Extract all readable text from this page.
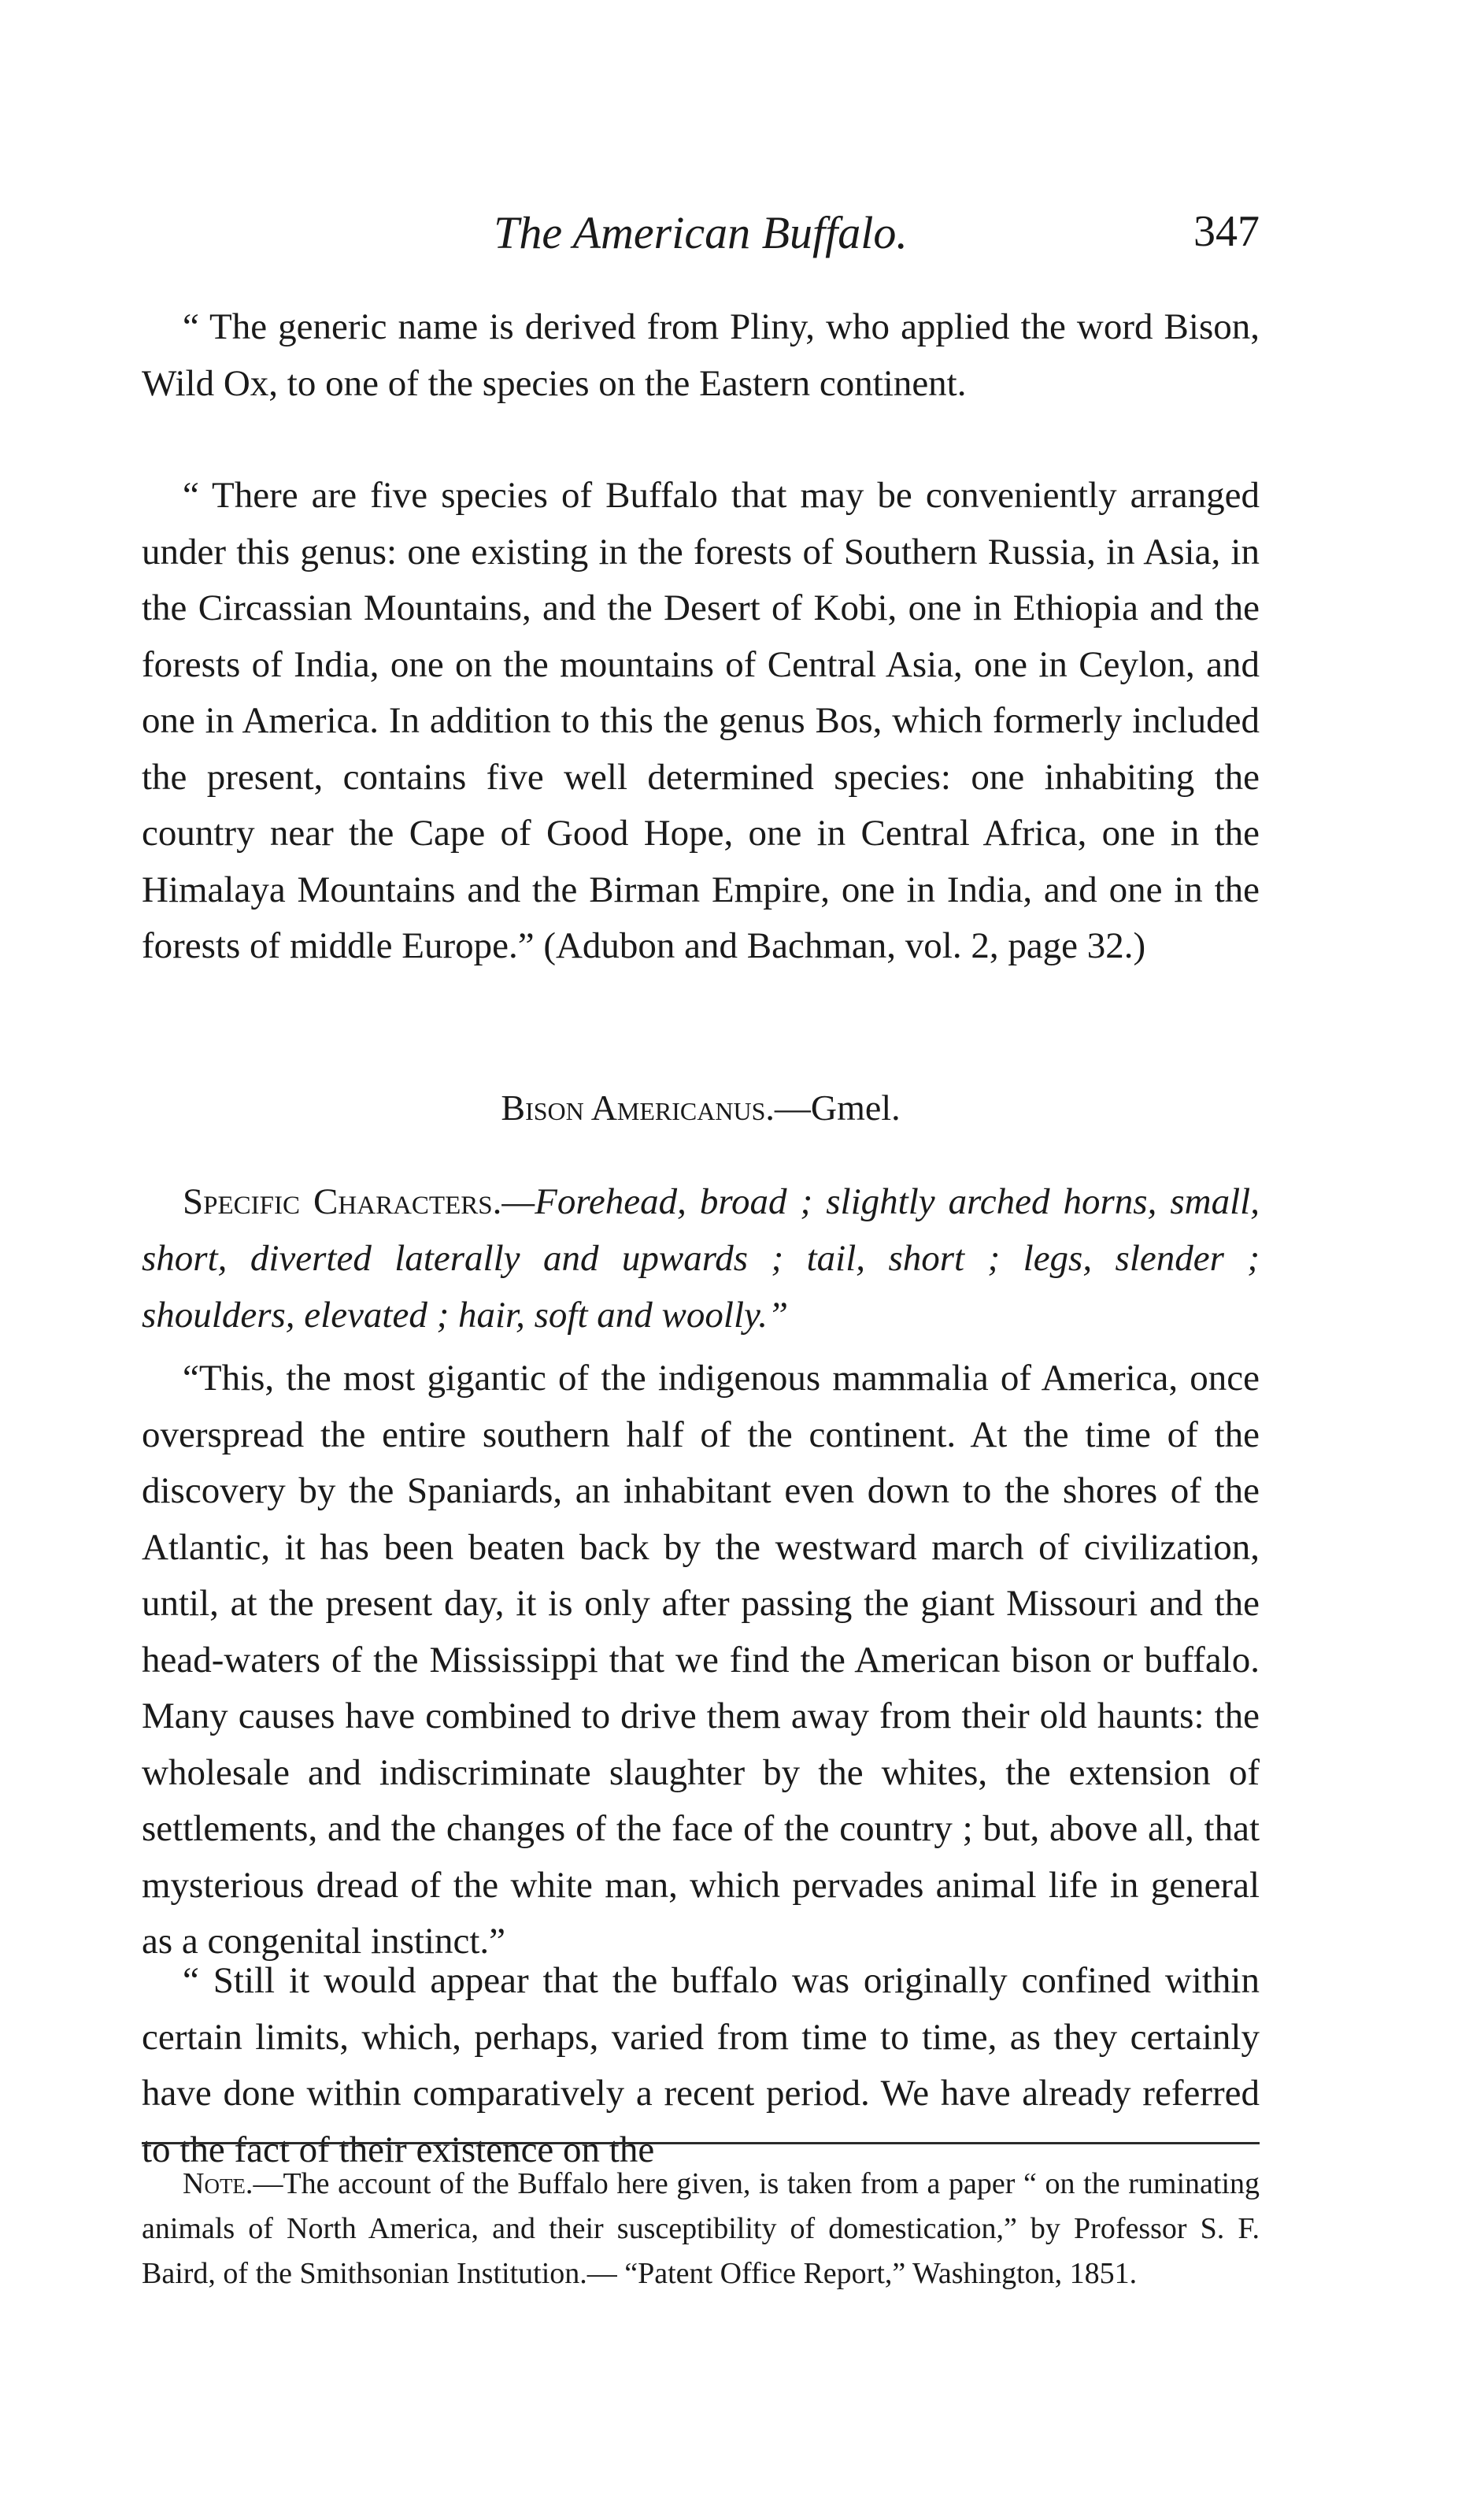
The American Buffalo.	347

“ The generic name is derived from Pliny, who applied the word Bison, Wild Ox, to one of the species on the Eastern continent.

“ There are five species of Buffalo that may be conveniently arranged under this genus: one existing in the forests of Southern Russia, in Asia, in the Circassian Mountains, and the Desert of Kobi, one in Ethiopia and the forests of India, one on the mountains of Central Asia, one in Ceylon, and one in America. In addition to this the genus Bos, which formerly included the present, contains five well determined species: one inhabiting the country near the Cape of Good Hope, one in Central Africa, one in the Himalaya Mountains and the Birman Empire, one in India, and one in the forests of middle Europe.” (Adubon and Bachman, vol. 2, page 32.)

Bison Americanus.—Gmel.

Specific Characters.—Forehead, broad ; slightly arched horns, small, short, diverted laterally and upwards ; tail, short ; legs, slender ; shoulders, elevated ; hair, soft and woolly.”

“This, the most gigantic of the indigenous mammalia of America, once overspread the entire southern half of the continent. At the time of the discovery by the Spaniards, an inhabitant even down to the shores of the Atlantic, it has been beaten back by the westward march of civilization, until, at the present day, it is only after passing the giant Missouri and the head-waters of the Mississippi that we find the American bison or buffalo. Many causes have combined to drive them away from their old haunts: the wholesale and indiscriminate slaughter by the whites, the extension of settlements, and the changes of the face of the country ; but, above all, that mysterious dread of the white man, which pervades animal life in general as a congenital instinct.”

“ Still it would appear that the buffalo was originally confined within certain limits, which, perhaps, varied from time to time, as they certainly have done within comparatively a recent period. We have already referred to the fact of their existence on the

Note.—The account of the Buffalo here given, is taken from a paper “ on the ruminating animals of North America, and their susceptibility of domestication,” by Professor S. F. Baird, of the Smithsonian Institution.— “Patent Office Report,” Washington, 1851.
